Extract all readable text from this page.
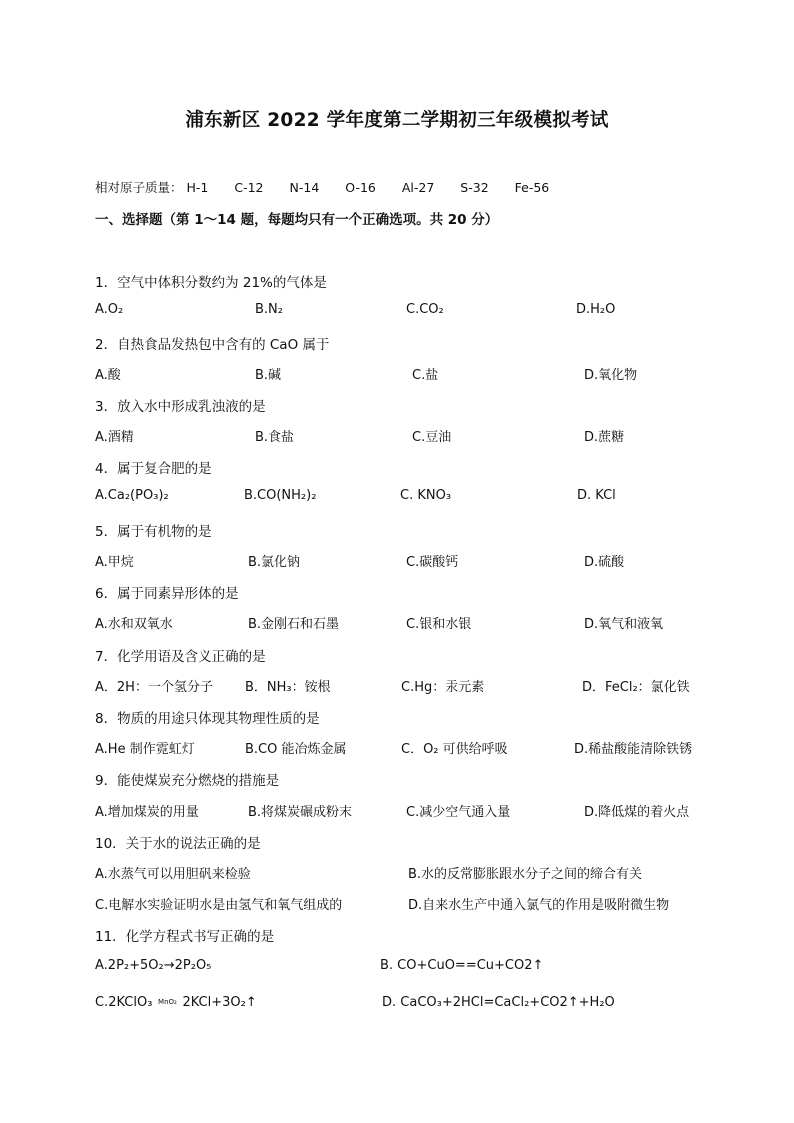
浦东新区 2022 学年度第二学期初三年级模拟考试
相对原子质量： H-1 C-12 N-14 O-16 Al-27 S-32 Fe-56
一、选择题（第 1～14 题，每题均只有一个正确选项。共 20 分）
1．空气中体积分数约为 21%的气体是
A.O₂	B.N₂	C.CO₂	D.H₂O
2．自热食品发热包中含有的 CaO 属于
A.酸	B.碱	C.盐	D.氧化物
3．放入水中形成乳浊液的是
A.酒精	B.食盐	C.豆油	D.蔗糖
4．属于复合肥的是
A.Ca₂(PO₃)₂	B.CO(NH₂)₂	C. KNO₃	D. KCl
5．属于有机物的是
A.甲烷	B.氯化钠	C.碳酸钙	D.硫酸
6．属于同素异形体的是
A.水和双氧水	B.金刚石和石墨	C.银和水银	D.氧气和液氧
7．化学用语及含义正确的是
A．2H：一个氢分子 B．NH₃：铵根	C.Hg：汞元素	D．FeCl₂：氯化铁
8．物质的用途只体现其物理性质的是
A.He 制作霓虹灯	B.CO 能冶炼金属	C．O₂ 可供给呼吸	D.稀盐酸能清除铁锈
9．能使煤炭充分燃烧的措施是
A.增加煤炭的用量	B.将煤炭碾成粉末	C.减少空气通入量	D.降低煤的着火点
10．关于水的说法正确的是
A.水蒸气可以用胆矾来检验	B.水的反常膨胀跟水分子之间的缔合有关
C.电解水实验证明水是由氢气和氧气组成的	D.自来水生产中通入氯气的作用是吸附微生物
11．化学方程式书写正确的是
A.2P₂+5O₂→2P₂O₅	B. CO+CuO==Cu+CO2↑
C.2KClO₃ MnO₂ 2KCl+3O₂↑	D. CaCO₃+2HCl=CaCl₂+CO2↑+H₂O
